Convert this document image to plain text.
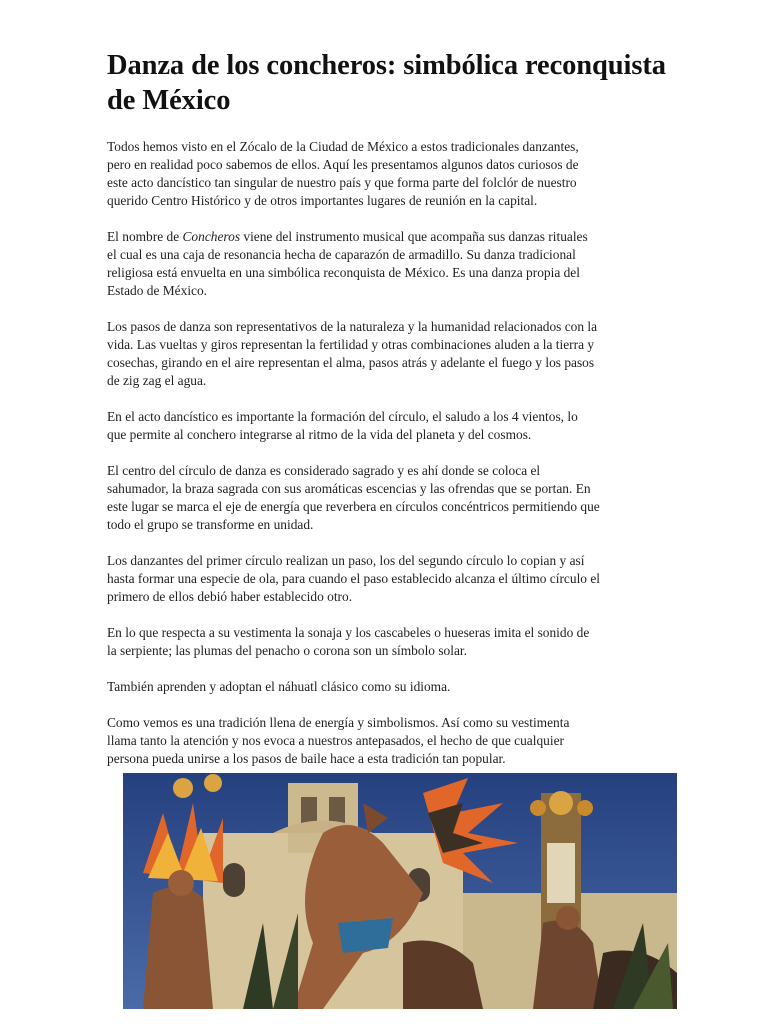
Danza de los concheros: simbólica reconquista de México

Todos hemos visto en el Zócalo de la Ciudad de México a estos tradicionales danzantes,
pero en realidad poco sabemos de ellos. Aquí les presentamos algunos datos curiosos de
este acto dancístico tan singular de nuestro país y que forma parte del folclór de nuestro
querido Centro Histórico y de otros importantes lugares de reunión en la capital.

El nombre de Concheros viene del instrumento musical que acompaña sus danzas rituales
el cual es una caja de resonancia hecha de caparazón de armadillo. Su danza tradicional
religiosa está envuelta en una simbólica reconquista de México. Es una danza propia del
Estado de México.

Los pasos de danza son representativos de la naturaleza y la humanidad relacionados con la
vida. Las vueltas y giros representan la fertilidad y otras combinaciones aluden a la tierra y
cosechas, girando en el aire representan el alma, pasos atrás y adelante el fuego y los pasos
de zig zag el agua.

En el acto dancístico es importante la formación del círculo, el saludo a los 4 vientos, lo
que permite al conchero integrarse al ritmo de la vida del planeta y del cosmos.

El centro del círculo de danza es considerado sagrado y es ahí donde se coloca el
sahumador, la braza sagrada con sus aromáticas escencias y las ofrendas que se portan. En
este lugar se marca el eje de energía que reverbera en círculos concéntricos permitiendo que
todo el grupo se transforme en unidad.

Los danzantes del primer círculo realizan un paso, los del segundo círculo lo copian y así
hasta formar una especie de ola, para cuando el paso establecido alcanza el último círculo el
primero de ellos debió haber establecido otro.

En lo que respecta a su vestimenta la sonaja y los cascabeles o hueseras imita el sonido de
la serpiente; las plumas del penacho o corona son un símbolo solar.

También aprenden y adoptan el náhuatl clásico como su idioma.

Como vemos es una tradición llena de energía y simbolismos. Así como su vestimenta
llama tanto la atención y nos evoca a nuestros antepasados, el hecho de que cualquier
persona pueda unirse a los pasos de baile hace a esta tradición tan popular.
